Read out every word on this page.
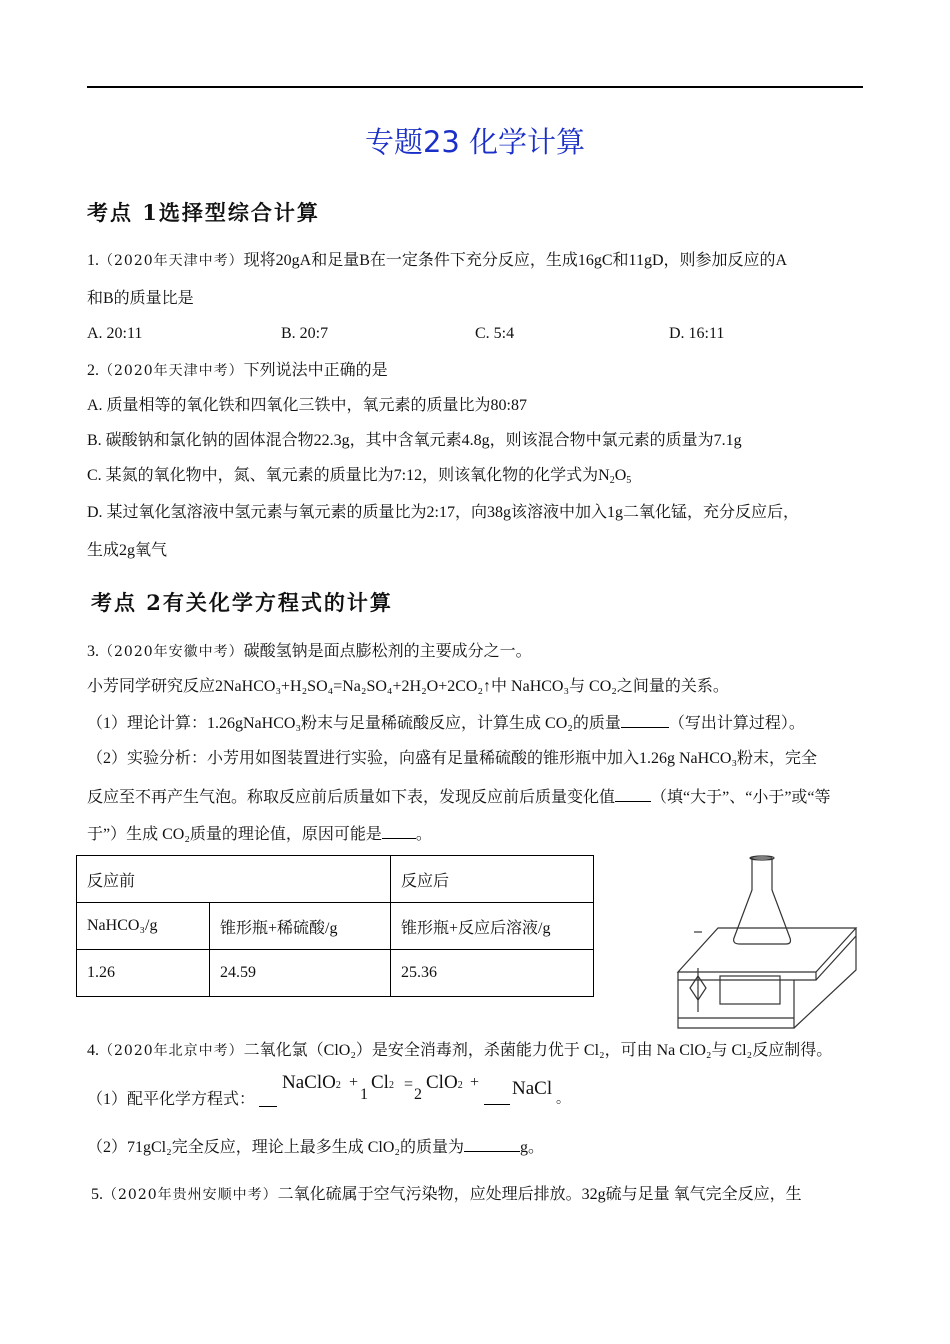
专题23 化学计算
考点 1选择型综合计算
1.（2020年天津中考）现将20gA和足量B在一定条件下充分反应，生成16gC和11gD，则参加反应的A
和B的质量比是
A. 20:11	B. 20:7	C. 5:4	D. 16:11
2.（2020年天津中考）下列说法中正确的是
A. 质量相等的氧化铁和四氧化三铁中，氧元素的质量比为80:87
B. 碳酸钠和氯化钠的固体混合物22.3g，其中含氧元素4.8g，则该混合物中氯元素的质量为7.1g
C. 某氮的氧化物中，氮、氧元素的质量比为7:12，则该氧化物的化学式为$N_2O_5$
D. 某过氧化氢溶液中氢元素与氧元素的质量比为2:17，向38g该溶液中加入1g二氧化锰，充分反应后，
生成2g氧气
考点 2有关化学方程式的计算
3.（2020年安徽中考）碳酸氢钠是面点膨松剂的主要成分之一。
小芳同学研究反应2NaHCO₃+H₂SO₄=Na₂SO₄+2H₂O+2CO₂↑中 NaHCO₃与 CO₂之间量的关系。
（1）理论计算：1.26gNaHCO₃粉末与足量稀硫酸反应，计算生成 CO₂的质量	（写出计算过程）。
（2）实验分析：小芳用如图装置进行实验，向盛有足量稀硫酸的锥形瓶中加入1.26g NaHCO₃粉末，完全
反应至不再产生气泡。称取反应前后质量如下表，发现反应前后质量变化值 （填“大于”、“小于”或“等
于”）生成 CO₂质量的理论值，原因可能是 。
反应前		反应后
NaHCO₃/g	锥形瓶+稀硫酸/g	锥形瓶+反应后溶液/g
1.26	24.59	25.36
4.（2020年北京中考）二氧化氯（ClO₂）是安全消毒剂，杀菌能力优于 Cl₂，可由 Na ClO₂与 Cl₂反应制得。
（1）配平化学方程式：
NaClO2 +
1
Cl2 =
2
ClO2 + NaCl
。
（2）71gCl₂完全反应，理论上最多生成 ClO₂的质量为	g。
5.（2020年贵州安顺中考）二氧化硫属于空气污染物，应处理后排放。32g硫与足量 氧气完全反应，生
